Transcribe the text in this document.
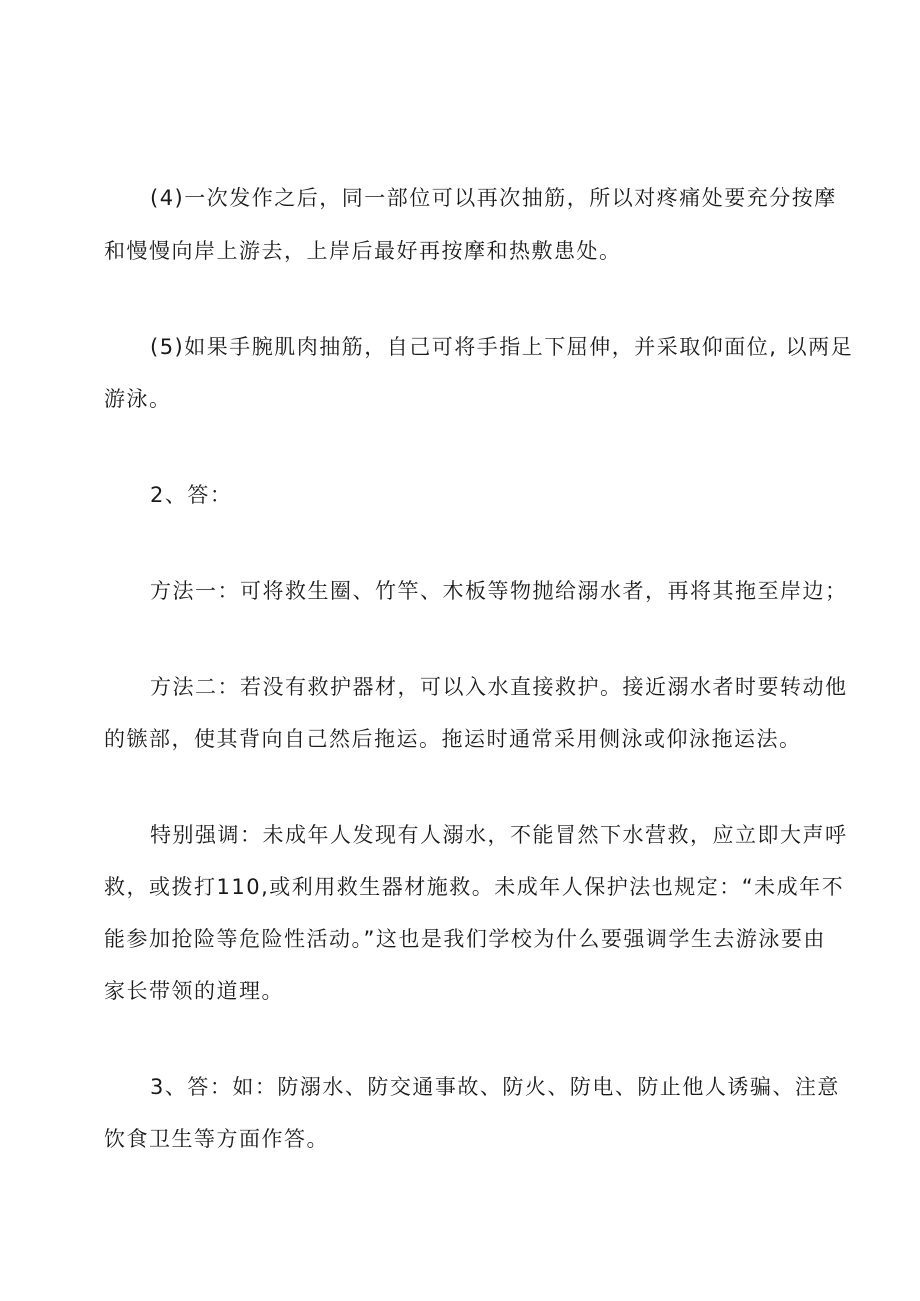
(4)一次发作之后，同一部位可以再次抽筋，所以对疼痛处要充分按摩
和慢慢向岸上游去，上岸后最好再按摩和热敷患处。
(5)如果手腕肌肉抽筋，自己可将手指上下屈伸，并采取仰面位, 以两足
游泳。
2、答：
方法一：可将救生圈、竹竿、木板等物抛给溺水者，再将其拖至岸边；
方法二：若没有救护器材，可以入水直接救护。接近溺水者时要转动他
的镞部，使其背向自己然后拖运。拖运时通常采用侧泳或仰泳拖运法。
特别强调：未成年人发现有人溺水，不能冒然下水营救，应立即大声呼
救，或拨打110,或利用救生器材施救。未成年人保护法也规定：“未成年不
能参加抢险等危险性活动。”这也是我们学校为什么要强调学生去游泳要由
家长带领的道理。
3、答：如：防溺水、防交通事故、防火、防电、防止他人诱骗、注意
饮食卫生等方面作答。
